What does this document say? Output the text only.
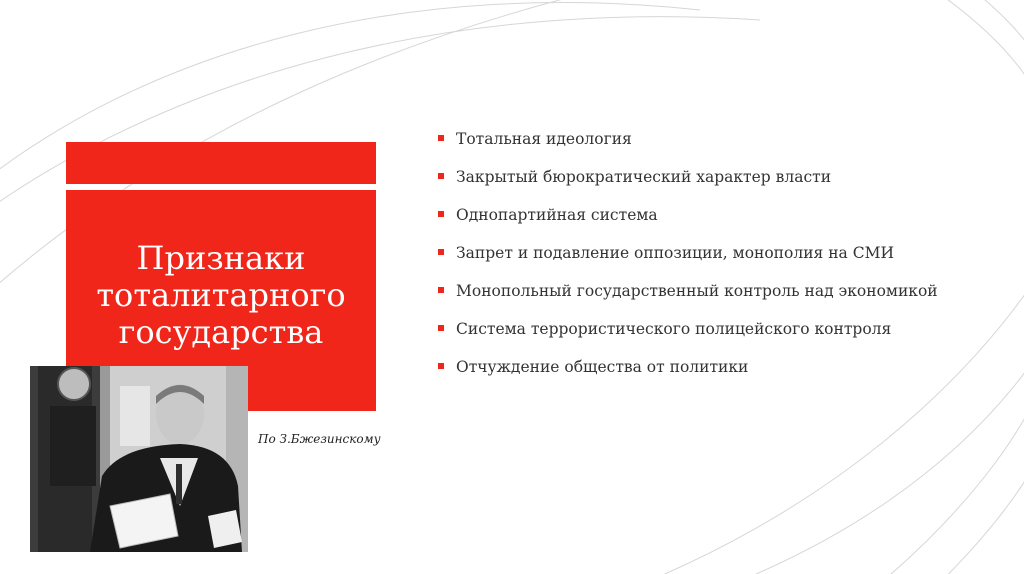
Признаки
тоталитарного
государства
По З.Бжезинскому
Тотальная идеология
Закрытый бюрократический характер власти
Однопартийная система
Запрет и подавление оппозиции, монополия на СМИ
Монопольный государственный контроль над экономикой
Система террористического полицейского контроля
Отчуждение общества от политики
